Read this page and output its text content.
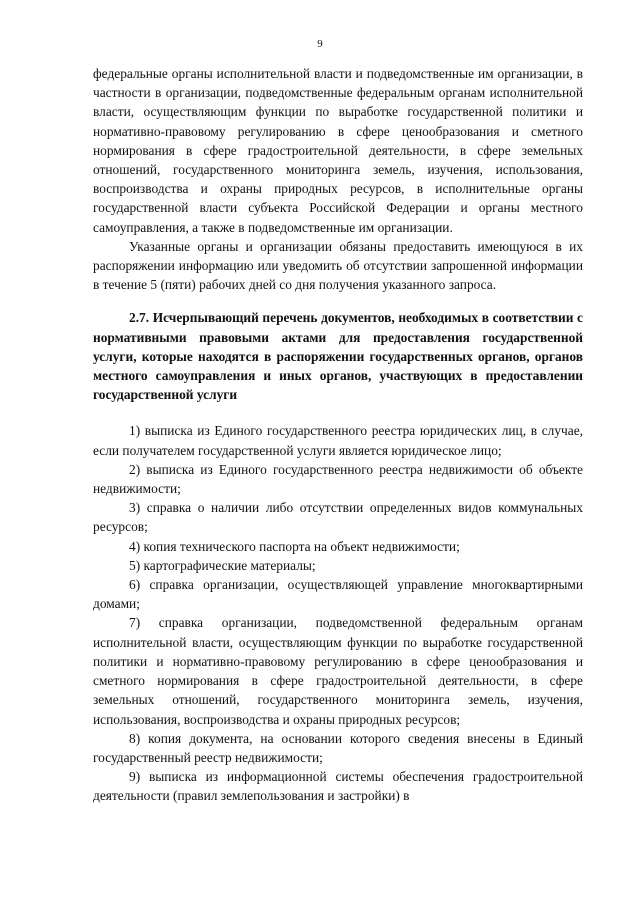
9

федеральные органы исполнительной власти и подведомственные им организации, в частности в организации, подведомственные федеральным органам исполнительной власти, осуществляющим функции по выработке государственной политики и нормативно-правовому регулированию в сфере ценообразования и сметного нормирования в сфере градостроительной деятельности, в сфере земельных отношений, государственного мониторинга земель, изучения, использования, воспроизводства и охраны природных ресурсов, в исполнительные органы государственной власти субъекта Российской Федерации и органы местного самоуправления, а также в подведомственные им организации.

Указанные органы и организации обязаны предоставить имеющуюся в их распоряжении информацию или уведомить об отсутствии запрошенной информации в течение 5 (пяти) рабочих дней со дня получения указанного запроса.

2.7. Исчерпывающий перечень документов, необходимых в соответствии с нормативными правовыми актами для предоставления государственной услуги, которые находятся в распоряжении государственных органов, органов местного самоуправления и иных органов, участвующих в предоставлении государственной услуги

1) выписка из Единого государственного реестра юридических лиц, в случае, если получателем государственной услуги является юридическое лицо;

2) выписка из Единого государственного реестра недвижимости об объекте недвижимости;

3) справка о наличии либо отсутствии определенных видов коммунальных ресурсов;

4) копия технического паспорта на объект недвижимости;

5) картографические материалы;

6) справка организации, осуществляющей управление многоквартирными домами;

7) справка организации, подведомственной федеральным органам исполнительной власти, осуществляющим функции по выработке государственной политики и нормативно-правовому регулированию в сфере ценообразования и сметного нормирования в сфере градостроительной деятельности, в сфере земельных отношений, государственного мониторинга земель, изучения, использования, воспроизводства и охраны природных ресурсов;

8) копия документа, на основании которого сведения внесены в Единый государственный реестр недвижимости;

9) выписка из информационной системы обеспечения градостроительной деятельности (правил землепользования и застройки) в
